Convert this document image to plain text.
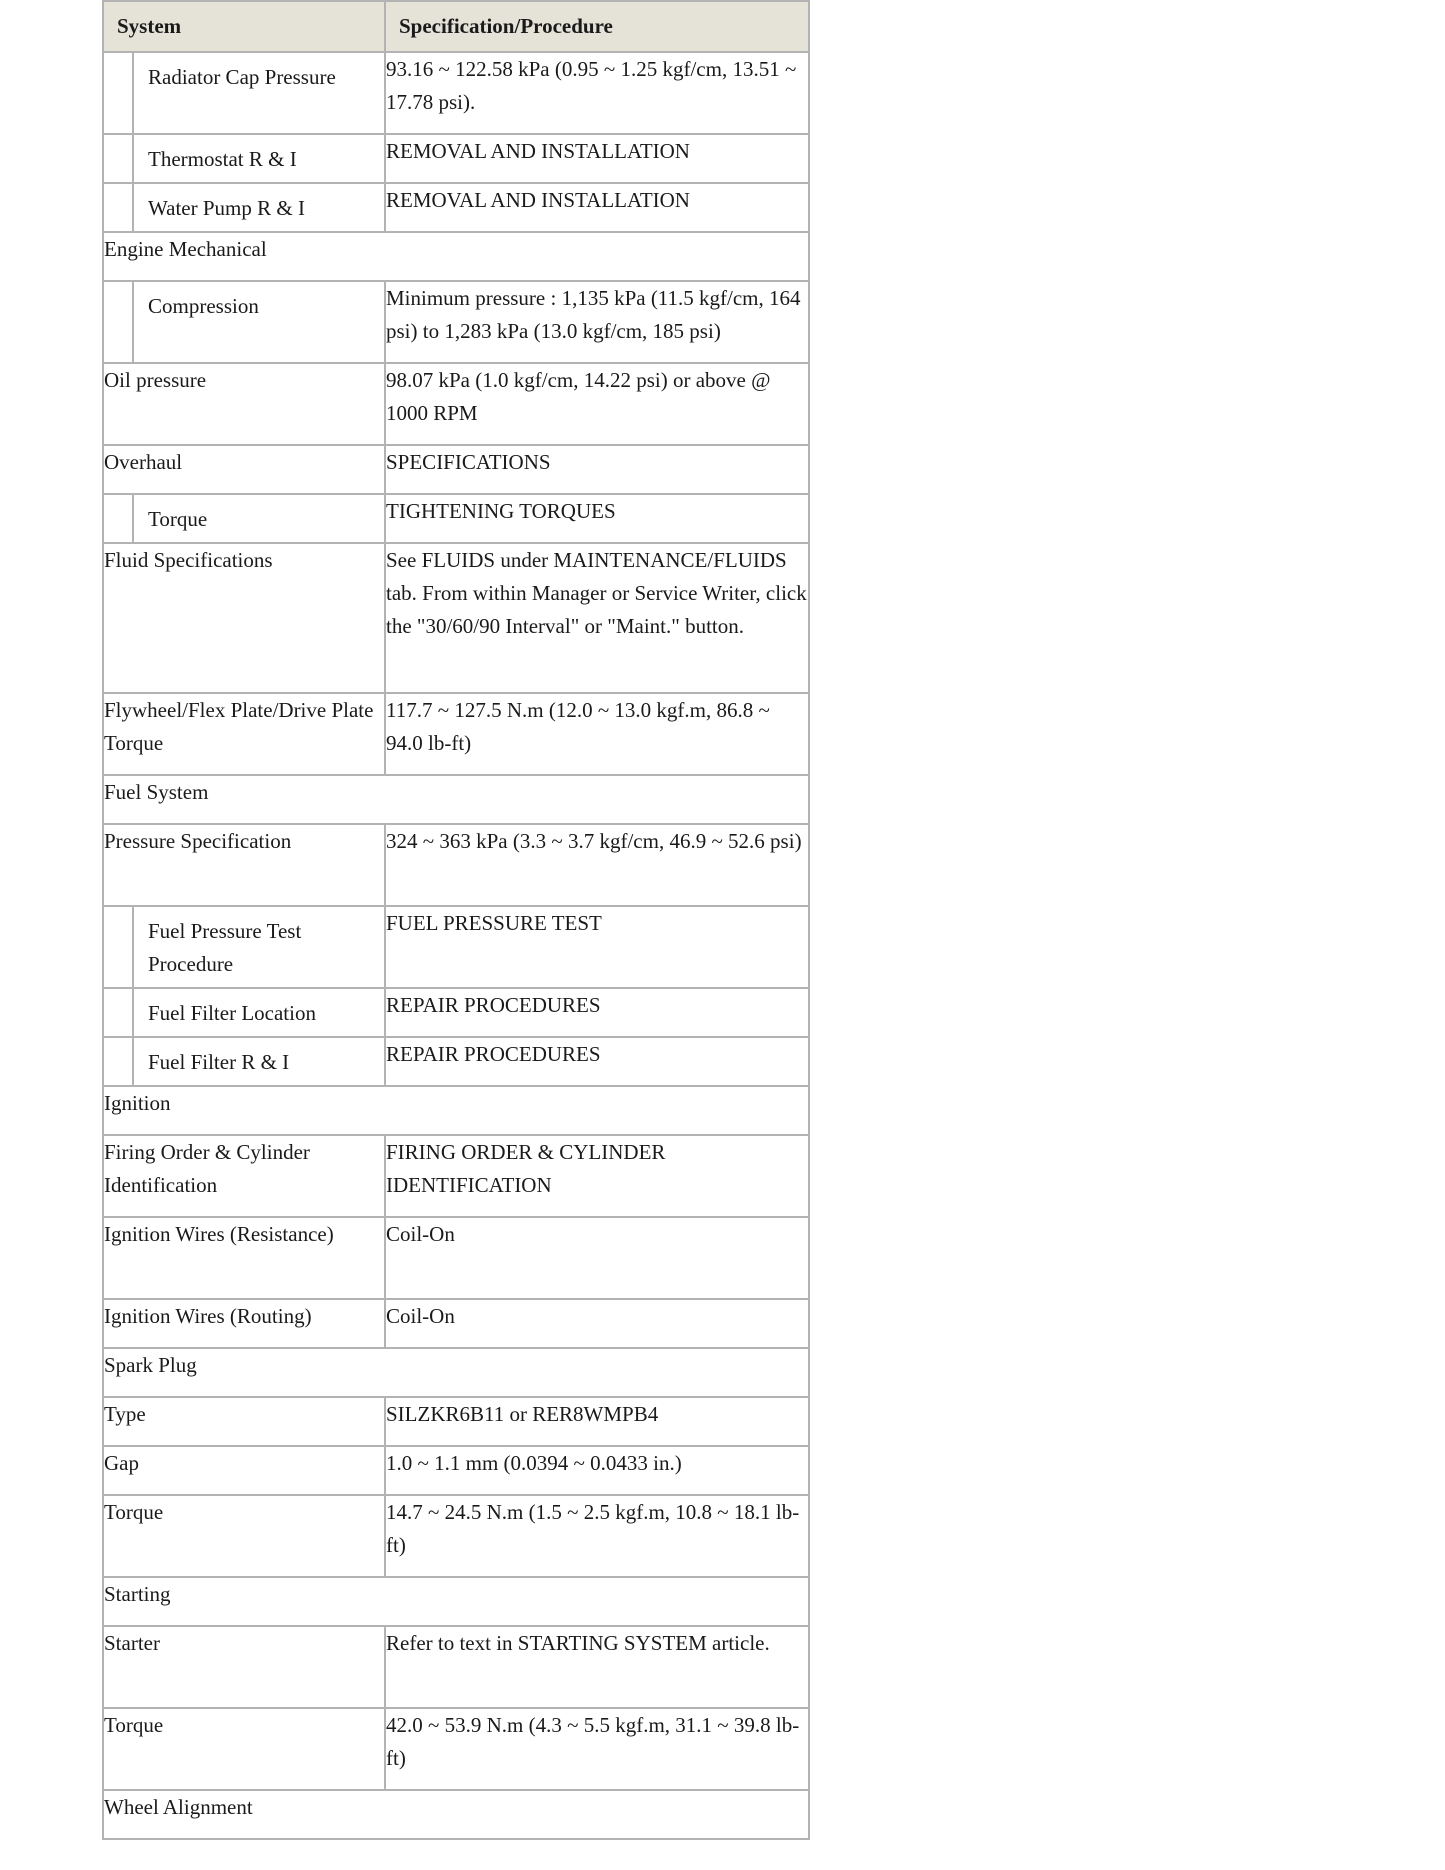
System	Specification/Procedure

Radiator Cap Pressure	93.16 ~ 122.58 kPa (0.95 ~ 1.25 kgf/cm, 13.51 ~ 17.78 psi).

Thermostat R & I	REMOVAL AND INSTALLATION

Water Pump R & I	REMOVAL AND INSTALLATION
Engine Mechanical	

Compression	Minimum pressure : 1,135 kPa (11.5 kgf/cm, 164 psi) to 1,283 kPa (13.0 kgf/cm, 185 psi)
Oil pressure	98.07 kPa (1.0 kgf/cm, 14.22 psi) or above @ 1000 RPM
Overhaul	SPECIFICATIONS

Torque	TIGHTENING TORQUES
Fluid Specifications	See FLUIDS under MAINTENANCE/FLUIDS tab. From within Manager or Service Writer, click the "30/60/90 Interval" or "Maint." button.
Flywheel/Flex Plate/Drive Plate Torque	117.7 ~ 127.5 N.m (12.0 ~ 13.0 kgf.m, 86.8 ~ 94.0 lb-ft)
Fuel System	
Pressure Specification	324 ~ 363 kPa (3.3 ~ 3.7 kgf/cm, 46.9 ~ 52.6 psi)

Fuel Pressure Test Procedure	FUEL PRESSURE TEST

Fuel Filter Location	REPAIR PROCEDURES

Fuel Filter R & I	REPAIR PROCEDURES
Ignition	
Firing Order & Cylinder Identification	FIRING ORDER & CYLINDER IDENTIFICATION
Ignition Wires (Resistance)	Coil-On
Ignition Wires (Routing)	Coil-On
Spark Plug	
Type	SILZKR6B11 or RER8WMPB4
Gap	1.0 ~ 1.1 mm (0.0394 ~ 0.0433 in.)
Torque	14.7 ~ 24.5 N.m (1.5 ~ 2.5 kgf.m, 10.8 ~ 18.1 lb-ft)
Starting	
Starter	Refer to text in STARTING SYSTEM article.
Torque	42.0 ~ 53.9 N.m (4.3 ~ 5.5 kgf.m, 31.1 ~ 39.8 lb-ft)
Wheel Alignment	
